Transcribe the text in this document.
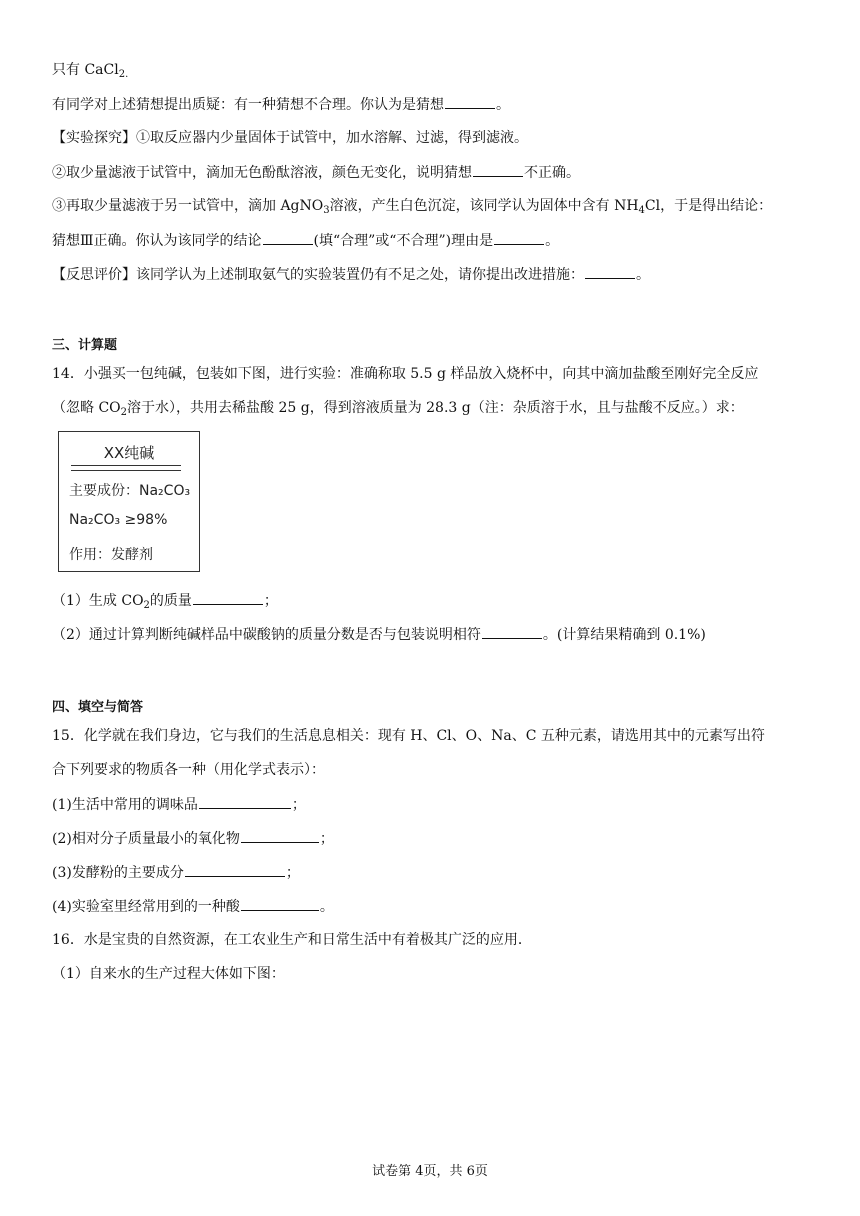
只有 CaCl$_{2.}$
有同学对上述猜想提出质疑：有一种猜想不合理。你认为是猜想	。
【实验探究】①取反应器内少量固体于试管中，加水溶解、过滤，得到滤液。
②取少量滤液于试管中，滴加无色酚酞溶液，颜色无变化，说明猜想	不正确。
③再取少量滤液于另一试管中，滴加 AgNO$_3$溶液，产生白色沉淀，该同学认为固体中含有 $NH_4Cl$，于是得出结论：
猜想Ⅲ正确。你认为该同学的结论	(填“合理”或“不合理”)理由是	。
【反思评价】该同学认为上述制取氨气的实验装置仍有不足之处，请你提出改进措施：	。
三、计算题
14．小强买一包纯碱，包装如下图，进行实验：准确称取 5.5 g 样品放入烧杯中，向其中滴加盐酸至刚好完全反应
（忽略 $CO_2$溶于水），共用去稀盐酸 25 g，得到溶液质量为 28.3 g（注：杂质溶于水，且与盐酸不反应。）求：
XX纯碱
主要成份：Na₂CO₃
Na₂CO₃ ≥98%
作用：发酵剂
（1）生成 $CO_2$的质量	；
（2）通过计算判断纯碱样品中碳酸钠的质量分数是否与包装说明相符	。(计算结果精确到 0.1%)
四、填空与简答
15．化学就在我们身边，它与我们的生活息息相关：现有 H、Cl、O、Na、C 五种元素，请选用其中的元素写出符
合下列要求的物质各一种（用化学式表示）：
(1)生活中常用的调味品	；
(2)相对分子质量最小的氧化物	；
(3)发酵粉的主要成分	；
(4)实验室里经常用到的一种酸	。
16．水是宝贵的自然资源，在工农业生产和日常生活中有着极其广泛的应用．
（1）自来水的生产过程大体如下图：
试卷第 4页，共 6页
